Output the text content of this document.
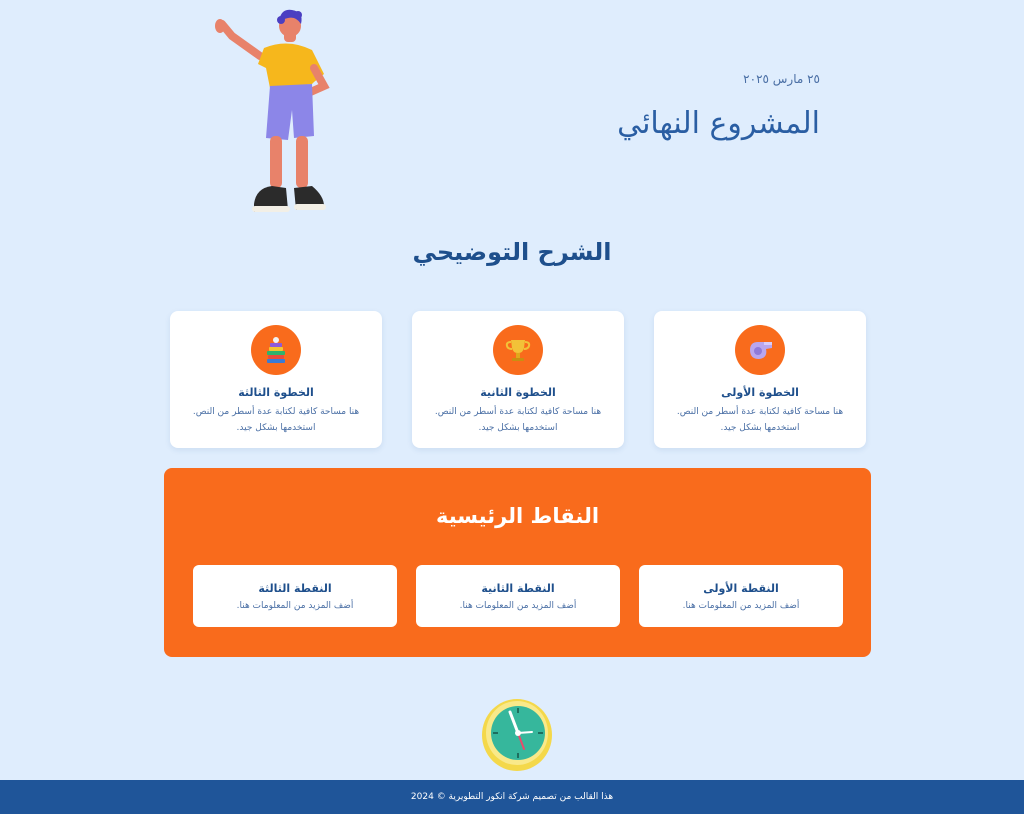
٢٥ مارس ٢٠٢٥
المشروع النهائي
الشرح التوضيحي
الخطوة الأولى
هنا مساحة كافية لكتابة عدة أسطر من النص. استخدمها بشكل جيد.
الخطوة الثانية
هنا مساحة كافية لكتابة عدة أسطر من النص. استخدمها بشكل جيد.
الخطوة الثالثة
هنا مساحة كافية لكتابة عدة أسطر من النص. استخدمها بشكل جيد.
النقاط الرئيسية
النقطة الأولى
أضف المزيد من المعلومات هنا.
النقطة الثانية
أضف المزيد من المعلومات هنا.
النقطة الثالثة
أضف المزيد من المعلومات هنا.
هذا القالب من تصميم شركة انكور التطويرية © 2024
